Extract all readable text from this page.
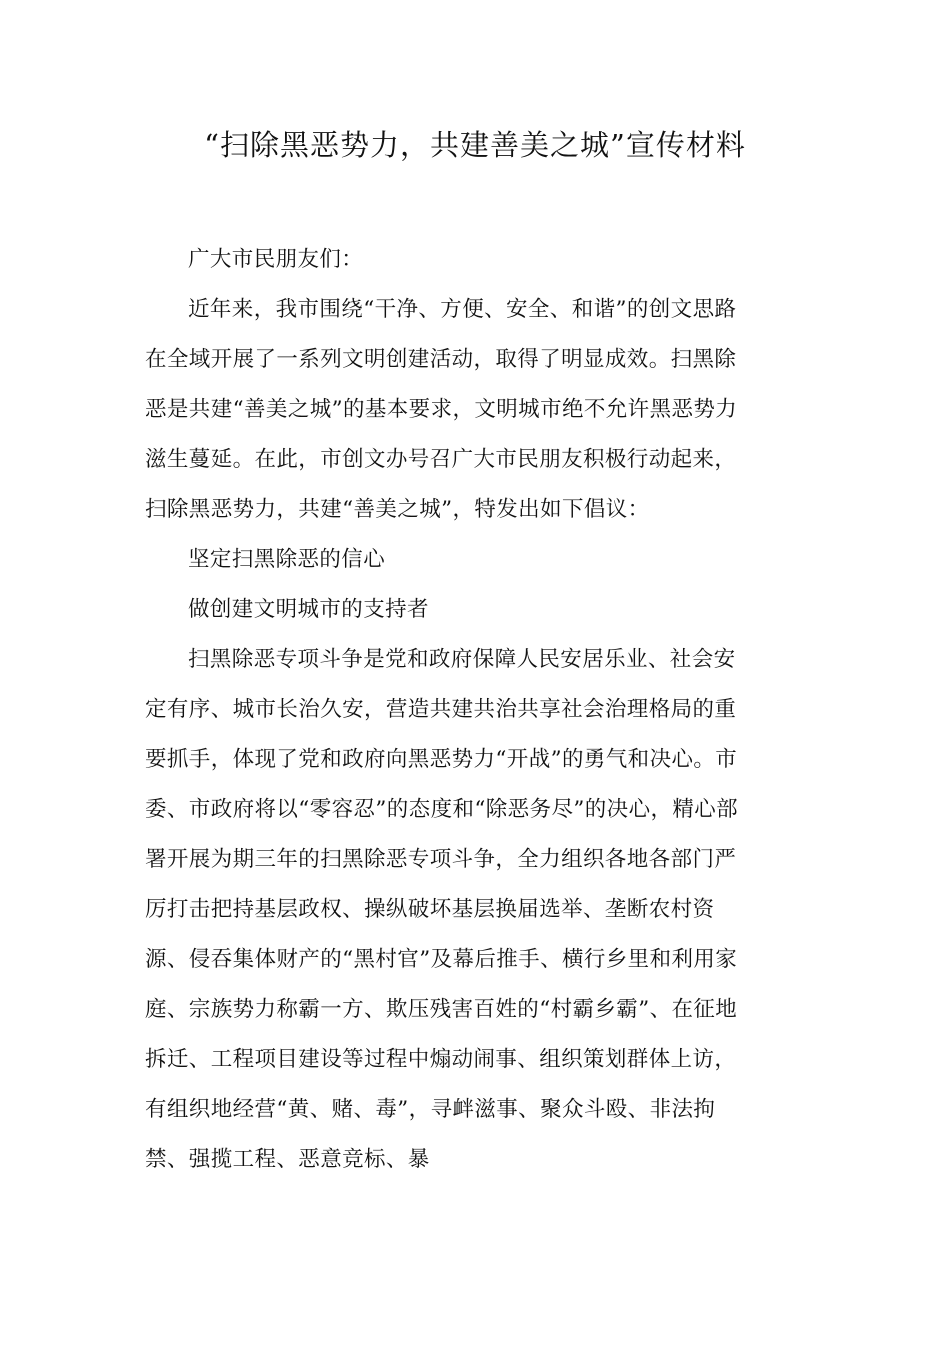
“扫除黑恶势力，共建善美之城”宣传材料

广大市民朋友们：

近年来，我市围绕“干净、方便、安全、和谐”的创文思路在全域开展了一系列文明创建活动，取得了明显成效。扫黑除恶是共建“善美之城”的基本要求，文明城市绝不允许黑恶势力滋生蔓延。在此，市创文办号召广大市民朋友积极行动起来，扫除黑恶势力，共建“善美之城”，特发出如下倡议：

坚定扫黑除恶的信心

做创建文明城市的支持者

扫黑除恶专项斗争是党和政府保障人民安居乐业、社会安定有序、城市长治久安，营造共建共治共享社会治理格局的重要抓手，体现了党和政府向黑恶势力“开战”的勇气和决心。市委、市政府将以“零容忍”的态度和“除恶务尽”的决心，精心部署开展为期三年的扫黑除恶专项斗争，全力组织各地各部门严厉打击把持基层政权、操纵破坏基层换届选举、垄断农村资源、侵吞集体财产的“黑村官”及幕后推手、横行乡里和利用家庭、宗族势力称霸一方、欺压残害百姓的“村霸乡霸”、在征地拆迁、工程项目建设等过程中煽动闹事、组织策划群体上访，有组织地经营“黄、赌、毒”，寻衅滋事、聚众斗殴、非法拘禁、强揽工程、恶意竞标、暴
